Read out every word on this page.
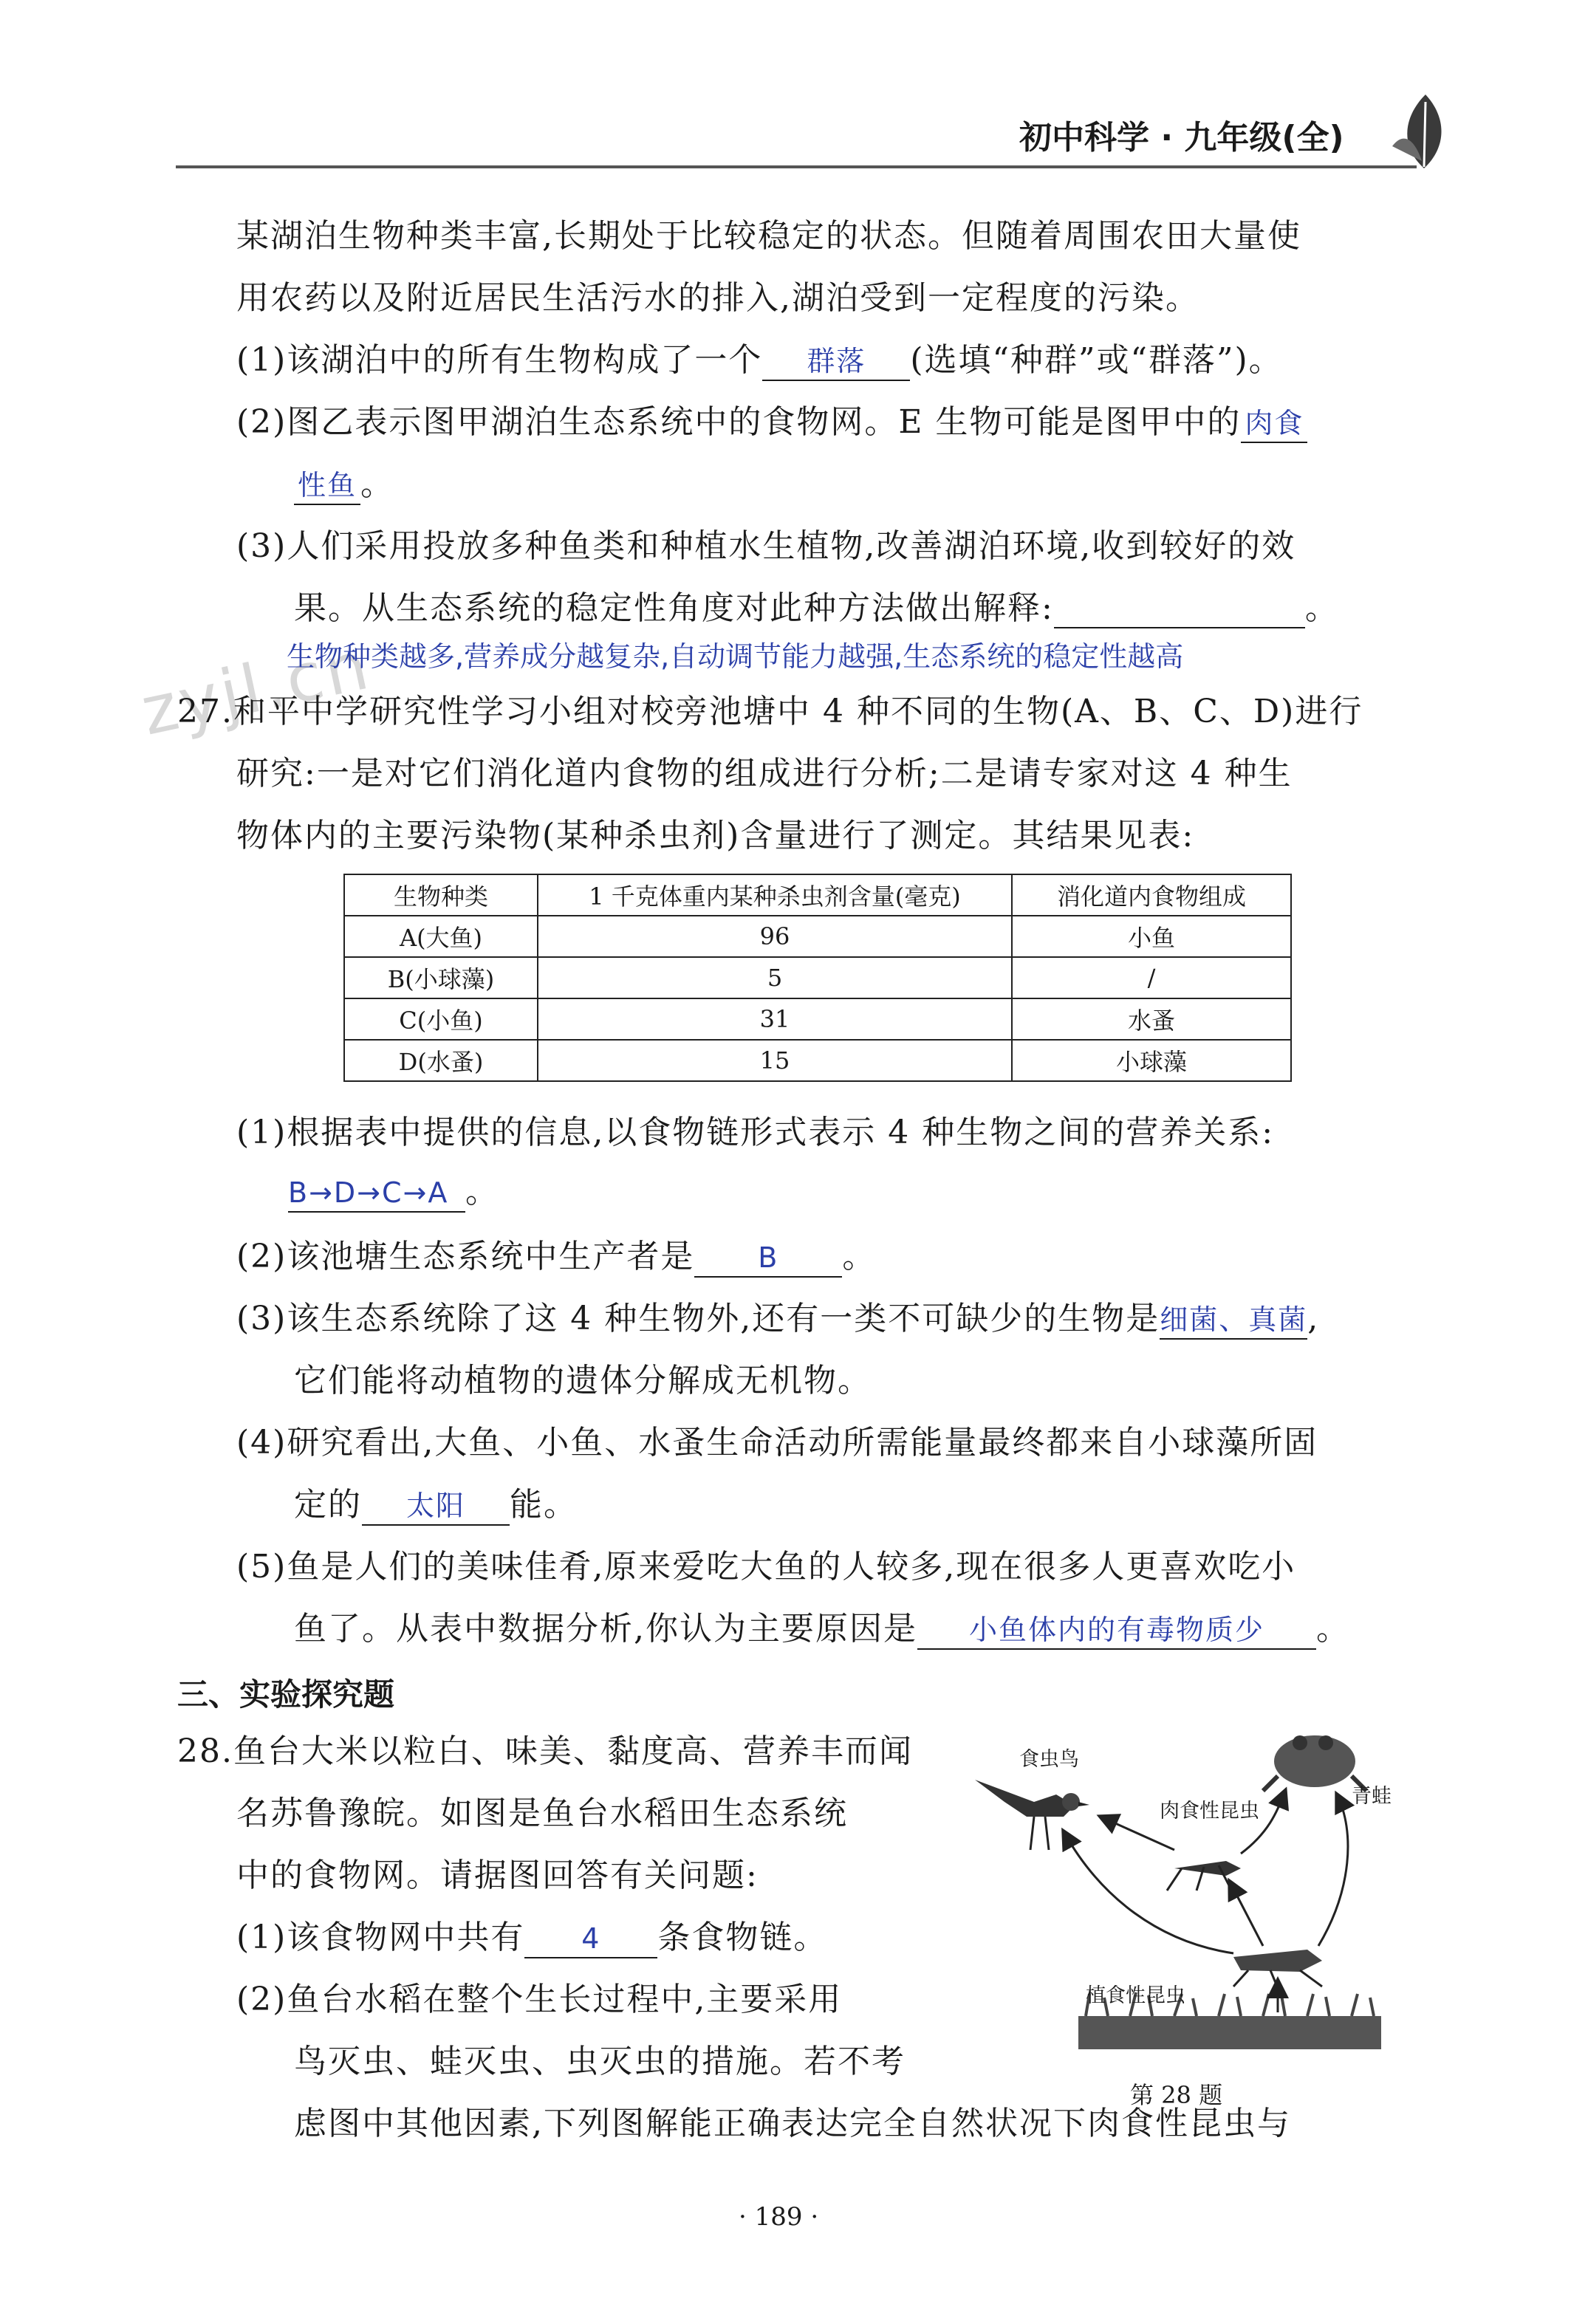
初中科学 · 九年级(全)
zyjl.cn
某湖泊生物种类丰富,长期处于比较稳定的状态。但随着周围农田大量使
用农药以及附近居民生活污水的排入,湖泊受到一定程度的污染。
(1)该湖泊中的所有生物构成了一个 群落 (选填“种群”或“群落”)。
(2)图乙表示图甲湖泊生态系统中的食物网。E 生物可能是图甲中的 肉食
性鱼 。
(3)人们采用投放多种鱼类和种植水生植物,改善湖泊环境,收到较好的效
果。从生态系统的稳定性角度对此种方法做出解释:	。
生物种类越多,营养成分越复杂,自动调节能力越强,生态系统的稳定性越高
27.和平中学研究性学习小组对校旁池塘中 4 种不同的生物(A、B、C、D)进行
研究:一是对它们消化道内食物的组成进行分析;二是请专家对这 4 种生
物体内的主要污染物(某种杀虫剂)含量进行了测定。其结果见表:
生物种类	1 千克体重内某种杀虫剂含量(毫克)	消化道内食物组成
A(大鱼)	96	小鱼
B(小球藻)	5	/
C(小鱼)	31	水蚤
D(水蚤)	15	小球藻
(1)根据表中提供的信息,以食物链形式表示 4 种生物之间的营养关系:
B→D→C→A 。
(2)该池塘生态系统中生产者是 B 。
(3)该生态系统除了这 4 种生物外,还有一类不可缺少的生物是细菌、真菌,
它们能将动植物的遗体分解成无机物。
(4)研究看出,大鱼、小鱼、水蚤生命活动所需能量最终都来自小球藻所固
定的 太阳 能。
(5)鱼是人们的美味佳肴,原来爱吃大鱼的人较多,现在很多人更喜欢吃小
鱼了。从表中数据分析,你认为主要原因是 小鱼体内的有毒物质少 。
三、实验探究题
28.鱼台大米以粒白、味美、黏度高、营养丰而闻
名苏鲁豫皖。如图是鱼台水稻田生态系统
中的食物网。请据图回答有关问题:
(1)该食物网中共有 4 条食物链。
(2)鱼台水稻在整个生长过程中,主要采用
鸟灭虫、蛙灭虫、虫灭虫的措施。若不考
虑图中其他因素,下列图解能正确表达完全自然状况下肉食性昆虫与
食虫鸟
青蛙
肉食性昆虫
植食性昆虫
第 28 题
· 189 ·
